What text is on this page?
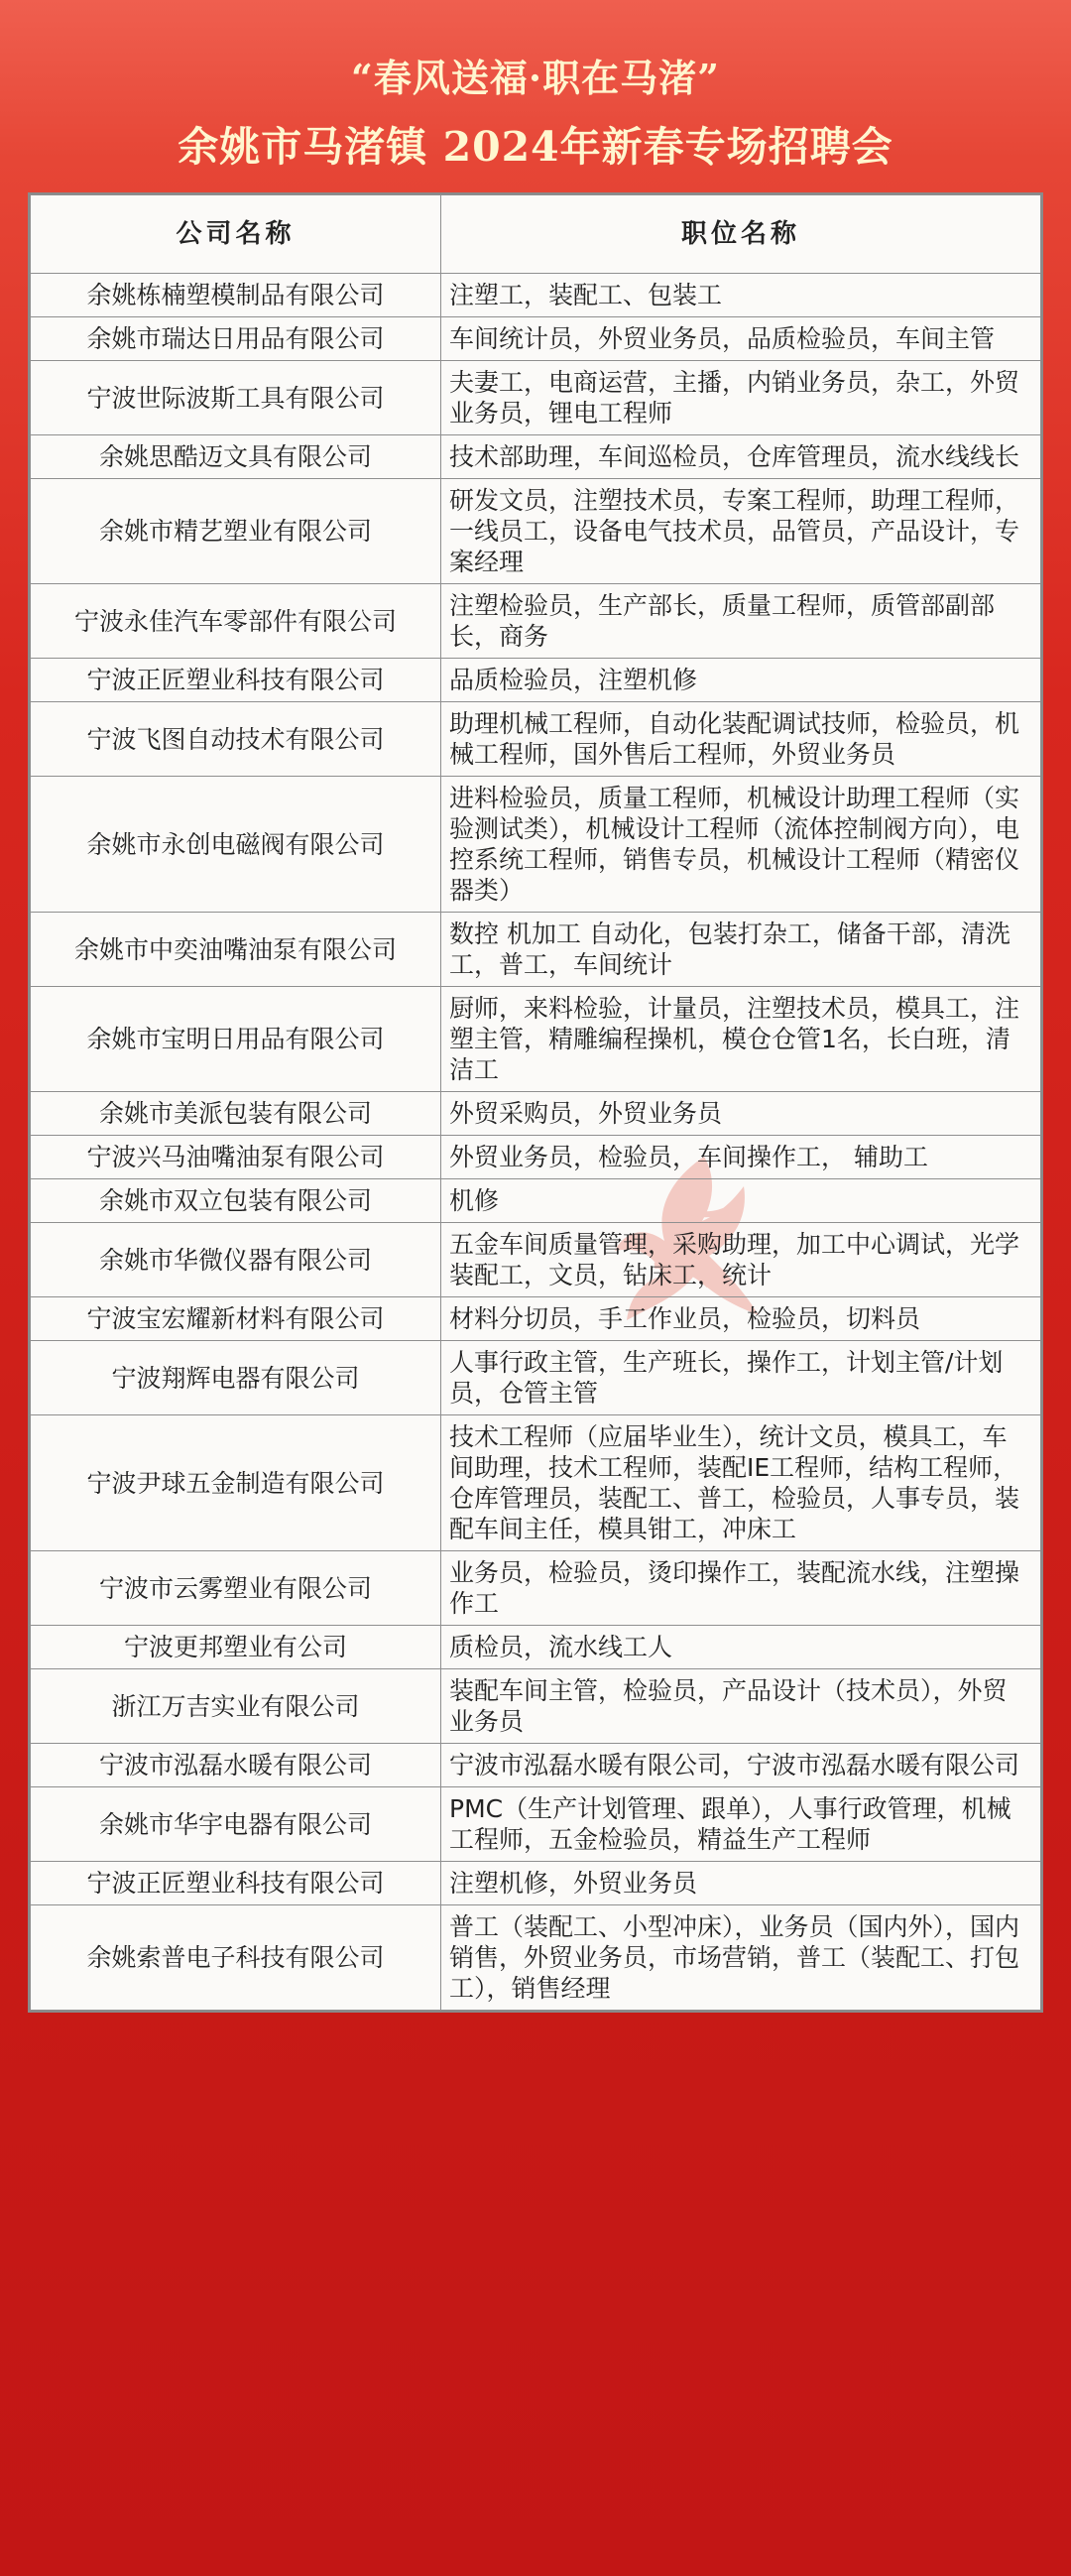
“春风送福·职在马渚”
余姚市马渚镇 2024年新春专场招聘会
公司名称	职位名称
余姚栋楠塑模制品有限公司	注塑工，装配工、包装工
余姚市瑞达日用品有限公司	车间统计员，外贸业务员，品质检验员，车间主管
宁波世际波斯工具有限公司	夫妻工，电商运营，主播，内销业务员，杂工，外贸业务员，锂电工程师
余姚思酷迈文具有限公司	技术部助理，车间巡检员，仓库管理员，流水线线长
余姚市精艺塑业有限公司	研发文员，注塑技术员，专案工程师，助理工程师，一线员工，设备电气技术员，品管员，产品设计，专案经理
宁波永佳汽车零部件有限公司	注塑检验员，生产部长，质量工程师，质管部副部长，商务
宁波正匠塑业科技有限公司	品质检验员，注塑机修
宁波飞图自动技术有限公司	助理机械工程师，自动化装配调试技师，检验员，机械工程师，国外售后工程师，外贸业务员
余姚市永创电磁阀有限公司	进料检验员，质量工程师，机械设计助理工程师（实验测试类），机械设计工程师（流体控制阀方向），电控系统工程师，销售专员，机械设计工程师（精密仪器类）
余姚市中奕油嘴油泵有限公司	数控 机加工 自动化，包装打杂工，储备干部，清洗工，普工，车间统计
余姚市宝明日用品有限公司	厨师，来料检验，计量员，注塑技术员，模具工，注塑主管，精雕编程操机，模仓仓管1名，长白班，清洁工
余姚市美派包装有限公司	外贸采购员，外贸业务员
宁波兴马油嘴油泵有限公司	外贸业务员，检验员，车间操作工， 辅助工
余姚市双立包装有限公司	机修
余姚市华微仪器有限公司	五金车间质量管理，采购助理，加工中心调试，光学装配工，文员，钻床工，统计
宁波宝宏耀新材料有限公司	材料分切员，手工作业员，检验员，切料员
宁波翔辉电器有限公司	人事行政主管，生产班长，操作工，计划主管/计划员，仓管主管
宁波尹球五金制造有限公司	技术工程师（应届毕业生），统计文员，模具工，车间助理，技术工程师，装配IE工程师，结构工程师，仓库管理员，装配工、普工，检验员，人事专员，装配车间主任，模具钳工，冲床工
宁波市云雾塑业有限公司	业务员，检验员，烫印操作工，装配流水线，注塑操作工
宁波更邦塑业有公司	质检员，流水线工人
浙江万吉实业有限公司	装配车间主管，检验员，产品设计（技术员），外贸业务员
宁波市泓磊水暖有限公司	宁波市泓磊水暖有限公司，宁波市泓磊水暖有限公司
余姚市华宇电器有限公司	PMC（生产计划管理、跟单），人事行政管理，机械工程师，五金检验员，精益生产工程师
宁波正匠塑业科技有限公司	注塑机修，外贸业务员
余姚索普电子科技有限公司	普工（装配工、小型冲床），业务员（国内外），国内销售，外贸业务员，市场营销，普工（装配工、打包工），销售经理
